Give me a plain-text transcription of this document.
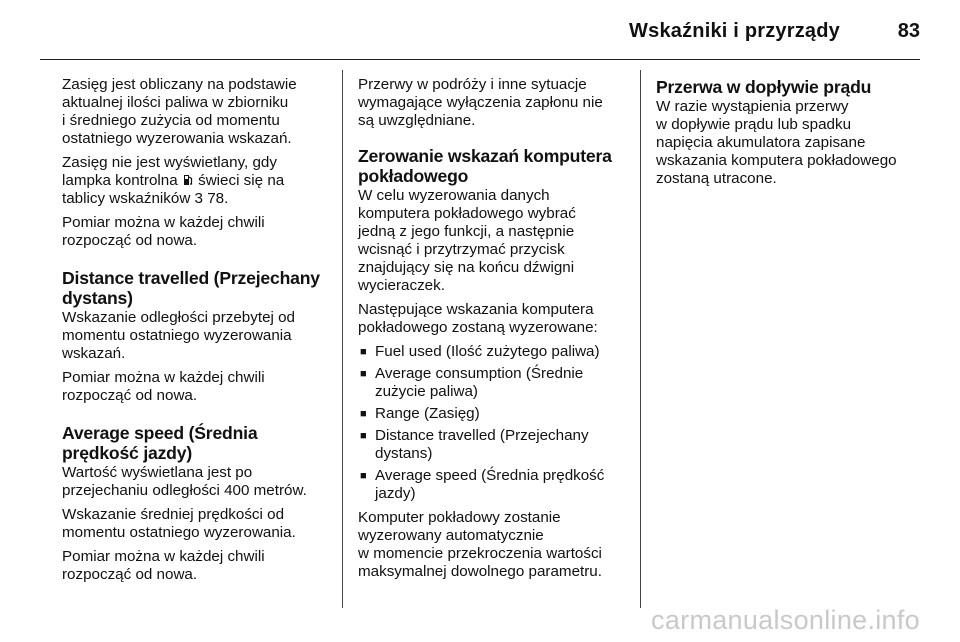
Wskaźniki i przyrządy	83

Zasięg jest obliczany na podstawie
aktualnej ilości paliwa w zbiorniku
i średniego zużycia od momentu
ostatniego wyzerowania wskazań.

Zasięg nie jest wyświetlany, gdy
lampka kontrolna  świeci się na
tablicy wskaźników 3 78.

Pomiar można w każdej chwili
rozpocząć od nowa.

Distance travelled (Przejechany
dystans)

Wskazanie odległości przebytej od
momentu ostatniego wyzerowania
wskazań.

Pomiar można w każdej chwili
rozpocząć od nowa.

Average speed (Średnia
prędkość jazdy)

Wartość wyświetlana jest po
przejechaniu odległości 400 metrów.

Wskazanie średniej prędkości od
momentu ostatniego wyzerowania.

Pomiar można w każdej chwili
rozpocząć od nowa.

Przerwy w podróży i inne sytuacje
wymagające wyłączenia zapłonu nie
są uwzględniane.

Zerowanie wskazań komputera
pokładowego

W celu wyzerowania danych
komputera pokładowego wybrać
jedną z jego funkcji, a następnie
wcisnąć i przytrzymać przycisk
znajdujący się na końcu dźwigni
wycieraczek.

Następujące wskazania komputera
pokładowego zostaną wyzerowane:

■ Fuel used (Ilość zużytego paliwa)
■ Average consumption (Średnie
zużycie paliwa)
■ Range (Zasięg)
■ Distance travelled (Przejechany
dystans)
■ Average speed (Średnia prędkość
jazdy)

Komputer pokładowy zostanie
wyzerowany automatycznie
w momencie przekroczenia wartości
maksymalnej dowolnego parametru.

Przerwa w dopływie prądu

W razie wystąpienia przerwy
w dopływie prądu lub spadku
napięcia akumulatora zapisane
wskazania komputera pokładowego
zostaną utracone.

carmanualsonline.info
